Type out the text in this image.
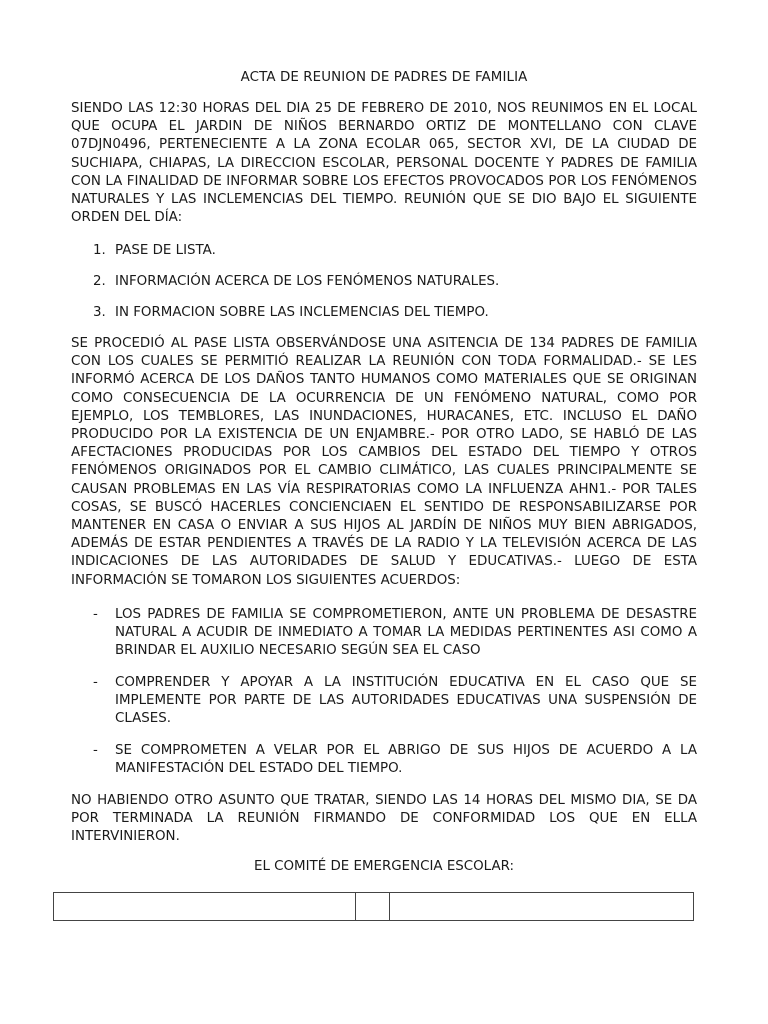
ACTA DE REUNION DE PADRES DE FAMILIA

SIENDO LAS 12:30 HORAS DEL DIA 25 DE FEBRERO DE 2010, NOS REUNIMOS EN EL LOCAL QUE OCUPA EL JARDIN DE NIÑOS BERNARDO ORTIZ DE MONTELLANO CON CLAVE 07DJN0496, PERTENECIENTE A LA ZONA ECOLAR 065, SECTOR XVI, DE LA CIUDAD DE SUCHIAPA, CHIAPAS, LA DIRECCION ESCOLAR, PERSONAL DOCENTE Y PADRES DE FAMILIA CON LA FINALIDAD DE INFORMAR SOBRE LOS EFECTOS PROVOCADOS POR LOS FENÓMENOS NATURALES Y LAS INCLEMENCIAS DEL TIEMPO. REUNIÓN QUE SE DIO BAJO EL SIGUIENTE ORDEN DEL DÍA:

1. PASE DE LISTA.

2. INFORMACIÓN ACERCA DE LOS FENÓMENOS NATURALES.

3. IN FORMACION SOBRE LAS INCLEMENCIAS DEL TIEMPO.

SE PROCEDIÓ AL PASE LISTA OBSERVÁNDOSE UNA ASITENCIA DE 134 PADRES DE FAMILIA CON LOS CUALES SE PERMITIÓ REALIZAR LA REUNIÓN CON TODA FORMALIDAD.- SE LES INFORMÓ ACERCA DE LOS DAÑOS TANTO HUMANOS COMO MATERIALES QUE SE ORIGINAN COMO CONSECUENCIA DE LA OCURRENCIA DE UN FENÓMENO NATURAL, COMO POR EJEMPLO, LOS TEMBLORES, LAS INUNDACIONES, HURACANES, ETC. INCLUSO EL DAÑO PRODUCIDO POR LA EXISTENCIA DE UN ENJAMBRE.- POR OTRO LADO, SE HABLÓ DE LAS AFECTACIONES PRODUCIDAS POR LOS CAMBIOS DEL ESTADO DEL TIEMPO Y OTROS FENÓMENOS ORIGINADOS POR EL CAMBIO CLIMÁTICO, LAS CUALES PRINCIPALMENTE SE CAUSAN PROBLEMAS EN LAS VÍA RESPIRATORIAS COMO LA INFLUENZA AHN1.- POR TALES COSAS, SE BUSCÓ HACERLES CONCIENCIAEN EL SENTIDO DE RESPONSABILIZARSE POR MANTENER EN CASA O ENVIAR A SUS HIJOS AL JARDÍN DE NIÑOS MUY BIEN ABRIGADOS, ADEMÁS DE ESTAR PENDIENTES A TRAVÉS DE LA RADIO Y LA TELEVISIÓN ACERCA DE LAS INDICACIONES DE LAS AUTORIDADES DE SALUD Y EDUCATIVAS.- LUEGO DE ESTA INFORMACIÓN SE TOMARON LOS SIGUIENTES ACUERDOS:

-	LOS PADRES DE FAMILIA SE COMPROMETIERON, ANTE UN PROBLEMA DE DESASTRE NATURAL A ACUDIR DE INMEDIATO A TOMAR LA MEDIDAS PERTINENTES ASI COMO A BRINDAR EL AUXILIO NECESARIO SEGÚN SEA EL CASO
-	COMPRENDER Y APOYAR A LA INSTITUCIÓN EDUCATIVA EN EL CASO QUE SE IMPLEMENTE POR PARTE DE LAS AUTORIDADES EDUCATIVAS UNA SUSPENSIÓN DE CLASES.
-	SE COMPROMETEN A VELAR POR EL ABRIGO DE SUS HIJOS DE ACUERDO A LA MANIFESTACIÓN DEL ESTADO DEL TIEMPO.

NO HABIENDO OTRO ASUNTO QUE TRATAR, SIENDO LAS 14 HORAS DEL MISMO DIA, SE DA POR TERMINADA LA REUNIÓN FIRMANDO DE CONFORMIDAD LOS QUE EN ELLA INTERVINIERON.

EL COMITÉ DE EMERGENCIA ESCOLAR:
